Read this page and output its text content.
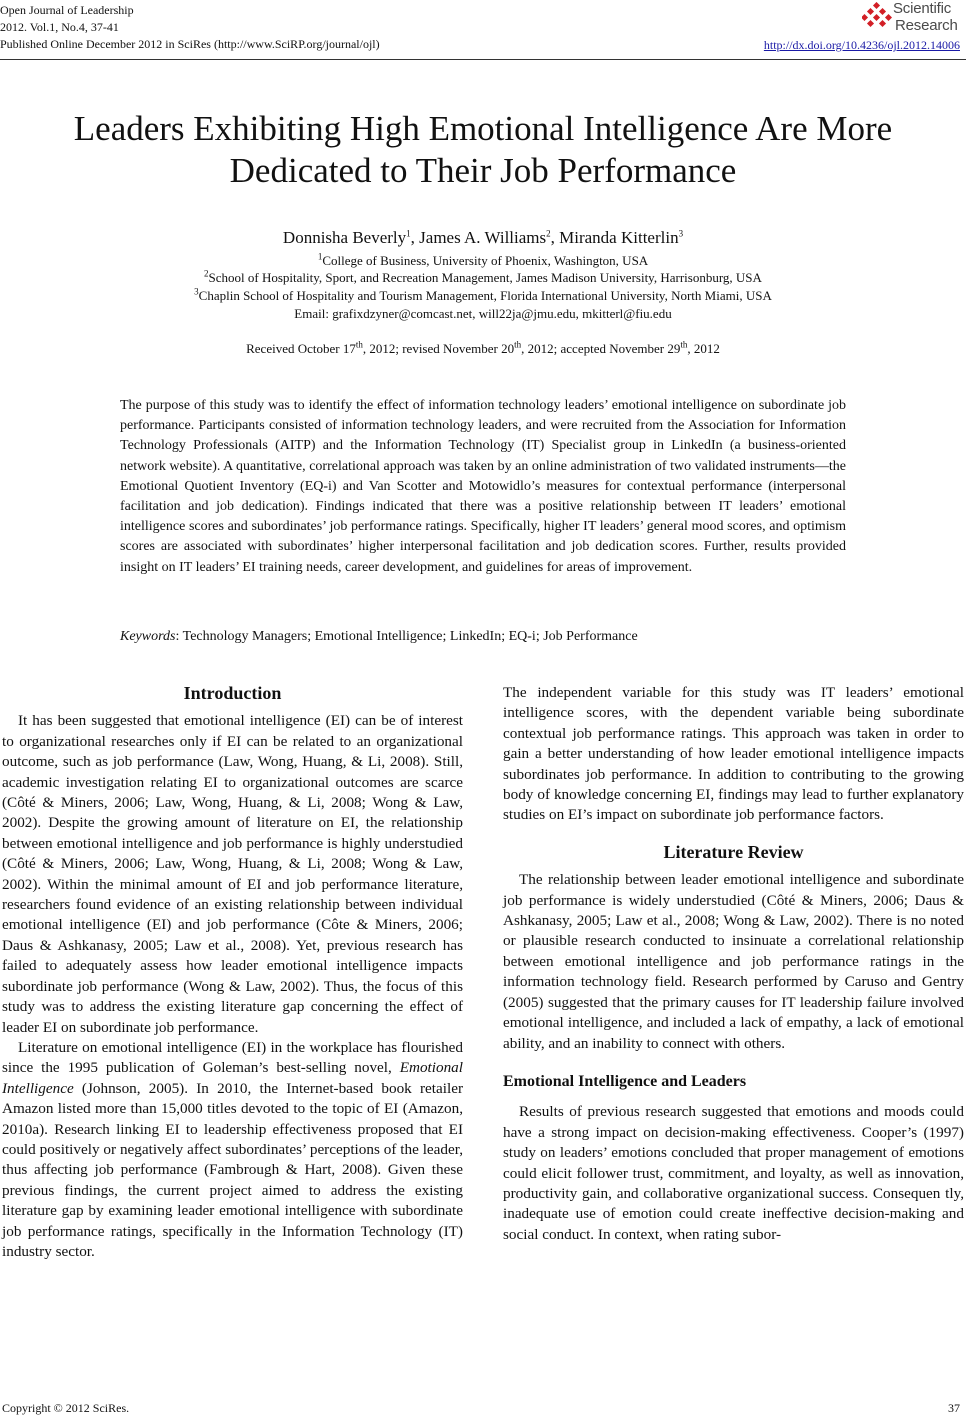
Open Journal of Leadership
2012. Vol.1, No.4, 37-41
Published Online December 2012 in SciRes (http://www.SciRP.org/journal/ojl)
Scientific
Research
http://dx.doi.org/10.4236/ojl.2012.14006
Leaders Exhibiting High Emotional Intelligence Are More
Dedicated to Their Job Performance
Donnisha Beverly$^1$, James A. Williams$^2$, Miranda Kitterlin$^3$
$^1$College of Business, University of Phoenix, Washington, USA
$^2$School of Hospitality, Sport, and Recreation Management, James Madison University, Harrisonburg, USA
$^3$Chaplin School of Hospitality and Tourism Management, Florida International University, North Miami, USA
Email: grafixdzyner@comcast.net, will22ja@jmu.edu, mkitterl@fiu.edu
Received October 17th, 2012; revised November 20th, 2012; accepted November 29th, 2012
The purpose of this study was to identify the effect of information technology leaders’ emotional intelligence on subordinate job performance. Participants consisted of information technology leaders, and were recruited from the Association for Information Technology Professionals (AITP) and the Information Technology (IT) Specialist group in LinkedIn (a business-oriented network website). A quantitative, correlational approach was taken by an online administration of two validated instruments—the Emotional Quotient Inventory (EQ-i) and Van Scotter and Motowidlo’s measures for contextual performance (interpersonal facilitation and job dedication). Findings indicated that there was a positive relationship between IT leaders’ emotional intelligence scores and subordinates’ job performance ratings. Specifically, higher IT leaders’ general mood scores, and optimism scores are associated with subordinates’ higher interpersonal facilitation and job dedication scores. Further, results provided insight on IT leaders’ EI training needs, career development, and guidelines for areas of improvement.
Keywords: Technology Managers; Emotional Intelligence; LinkedIn; EQ-i; Job Performance
Introduction

It has been suggested that emotional intelligence (EI) can be of interest to organizational researches only if EI can be related to an organizational outcome, such as job performance (Law, Wong, Huang, & Li, 2008). Still, academic investigation relating EI to organizational outcomes are scarce (Côté & Miners, 2006; Law, Wong, Huang, & Li, 2008; Wong & Law, 2002). Despite the growing amount of literature on EI, the relationship between emotional intelligence and job performance is highly understudied (Côté & Miners, 2006; Law, Wong, Huang, & Li, 2008; Wong & Law, 2002). Within the minimal amount of EI and job performance literature, researchers found evidence of an existing relationship between individual emotional intelligence (EI) and job performance (Côte & Miners, 2006; Daus & Ashkanasy, 2005; Law et al., 2008). Yet, previous research has failed to adequately assess how leader emotional intelligence impacts subordinate job performance (Wong & Law, 2002). Thus, the focus of this study was to address the existing literature gap concerning the effect of leader EI on subordinate job performance.

Literature on emotional intelligence (EI) in the workplace has flourished since the 1995 publication of Goleman’s best-selling novel, Emotional Intelligence (Johnson, 2005). In 2010, the Internet-based book retailer Amazon listed more than 15,000 titles devoted to the topic of EI (Amazon, 2010a). Research linking EI to leadership effectiveness proposed that EI could positively or negatively affect subordinates’ perceptions of the leader, thus affecting job performance (Fambrough & Hart, 2008). Given these previous findings, the current project aimed to address the existing literature gap by examining leader emotional intelligence with subordinate job performance ratings, specifically in the Information Technology (IT) industry sector.

The independent variable for this study was IT leaders’ emotional intelligence scores, with the dependent variable being subordinate contextual job performance ratings. This approach was taken in order to gain a better understanding of how leader emotional intelligence impacts subordinates job performance. In addition to contributing to the growing body of knowledge concerning EI, findings may lead to further explanatory studies on EI’s impact on subordinate job performance factors.

Literature Review

The relationship between leader emotional intelligence and subordinate job performance is widely understudied (Côté & Miners, 2006; Daus & Ashkanasy, 2005; Law et al., 2008; Wong & Law, 2002). There is no noted or plausible research conducted to insinuate a correlational relationship between emotional intelligence and job performance ratings in the information technology field. Research performed by Caruso and Gentry (2005) suggested that the primary causes for IT leadership failure involved emotional intelligence, and included a lack of empathy, a lack of emotional ability, and an inability to connect with others.

Emotional Intelligence and Leaders

Results of previous research suggested that emotions and moods could have a strong impact on decision-making effectiveness. Cooper’s (1997) study on leaders’ emotions concluded that proper management of emotions could elicit follower trust, commitment, and loyalty, as well as innovation, productivity gain, and collaborative organizational success. Consequen tly, inadequate use of emotion could create ineffective decision-making and social conduct. In context, when rating subor-

Copyright © 2012 SciRes.	37
